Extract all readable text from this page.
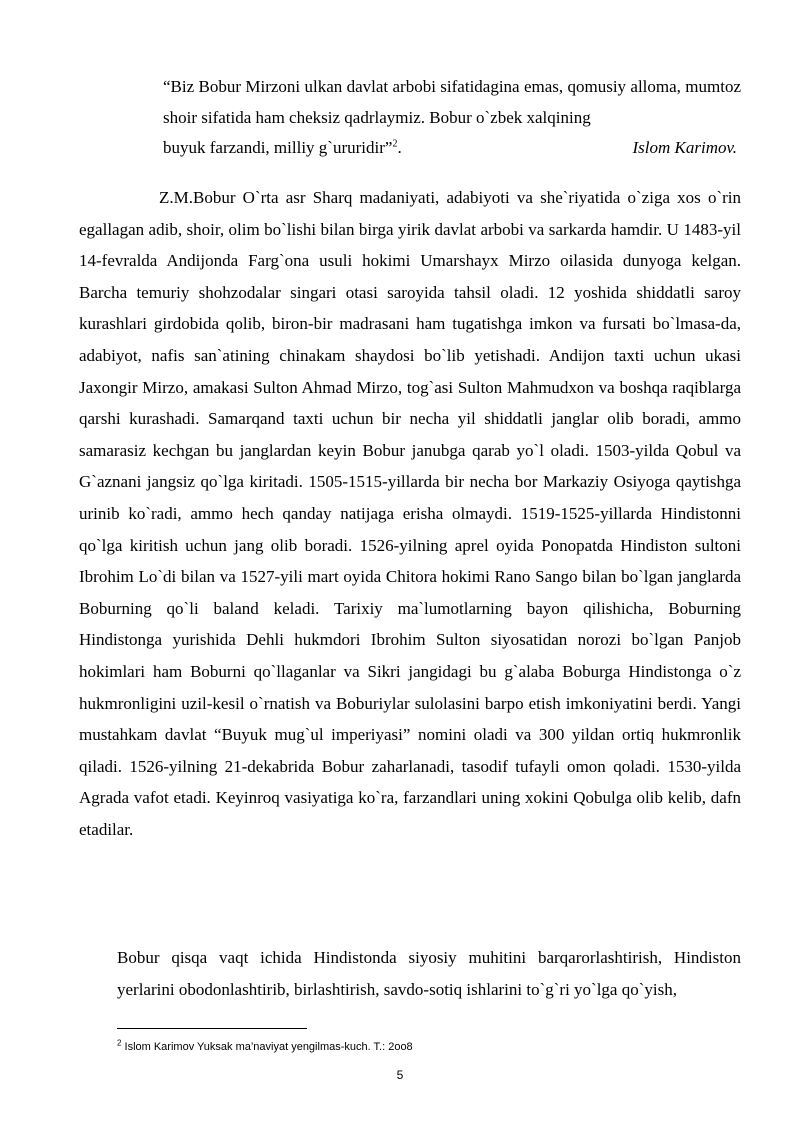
“Biz Bobur Mirzoni ulkan davlat arbobi sifatidagina emas, qomusiy alloma, mumtoz shoir sifatida ham cheksiz qadrlaymiz. Bobur o`zbek xalqining
buyuk farzandi, milliy g`ururidir”$^2$.	Islom Karimov.

Z.M.Bobur O`rta asr Sharq madaniyati, adabiyoti va she`riyatida o`ziga xos o`rin egallagan adib, shoir, olim bo`lishi bilan birga yirik davlat arbobi va sarkarda hamdir. U 1483-yil 14-fevralda Andijonda Farg`ona usuli hokimi Umarshayx Mirzo oilasida dunyoga kelgan. Barcha temuriy shohzodalar singari otasi saroyida tahsil oladi. 12 yoshida shiddatli saroy kurashlari girdobida qolib, biron-bir madrasani ham tugatishga imkon va fursati bo`lmasa-da, adabiyot, nafis san`atining chinakam shaydosi bo`lib yetishadi. Andijon taxti uchun ukasi Jaxongir Mirzo, amakasi Sulton Ahmad Mirzo, tog`asi Sulton Mahmudxon va boshqa raqiblarga qarshi kurashadi. Samarqand taxti uchun bir necha yil shiddatli janglar olib boradi, ammo samarasiz kechgan bu janglardan keyin Bobur janubga qarab yo`l oladi. 1503-yilda Qobul va G`aznani jangsiz qo`lga kiritadi. 1505-1515-yillarda bir necha bor Markaziy Osiyoga qaytishga urinib ko`radi, ammo hech qanday natijaga erisha olmaydi. 1519-1525-yillarda Hindistonni qo`lga kiritish uchun jang olib boradi. 1526-yilning aprel oyida Ponopatda Hindiston sultoni Ibrohim Lo`di bilan va 1527-yili mart oyida Chitora hokimi Rano Sango bilan bo`lgan janglarda Boburning qo`li baland keladi. Tarixiy ma`lumotlarning bayon qilishicha, Boburning Hindistonga yurishida Dehli hukmdori Ibrohim Sulton siyosatidan norozi bo`lgan Panjob hokimlari ham Boburni qo`llaganlar va Sikri jangidagi bu g`alaba Boburga Hindistonga o`z hukmronligini uzil-kesil o`rnatish va Boburiylar sulolasini barpo etish imkoniyatini berdi. Yangi mustahkam davlat “Buyuk mug`ul imperiyasi” nomini oladi va 300 yildan ortiq hukmronlik qiladi. 1526-yilning 21-dekabrida Bobur zaharlanadi, tasodif tufayli omon qoladi. 1530-yilda Agrada vafot etadi. Keyinroq vasiyatiga ko`ra, farzandlari uning xokini Qobulga olib kelib, dafn etadilar.

Bobur qisqa vaqt ichida Hindistonda siyosiy muhitini barqarorlashtirish, Hindiston yerlarini obodonlashtirib, birlashtirish, savdo-sotiq ishlarini to`g`ri yo`lga qo`yish,

$^2$ Islom Karimov Yuksak ma’naviyat yengilmas-kuch. T.: 2oo8
5
